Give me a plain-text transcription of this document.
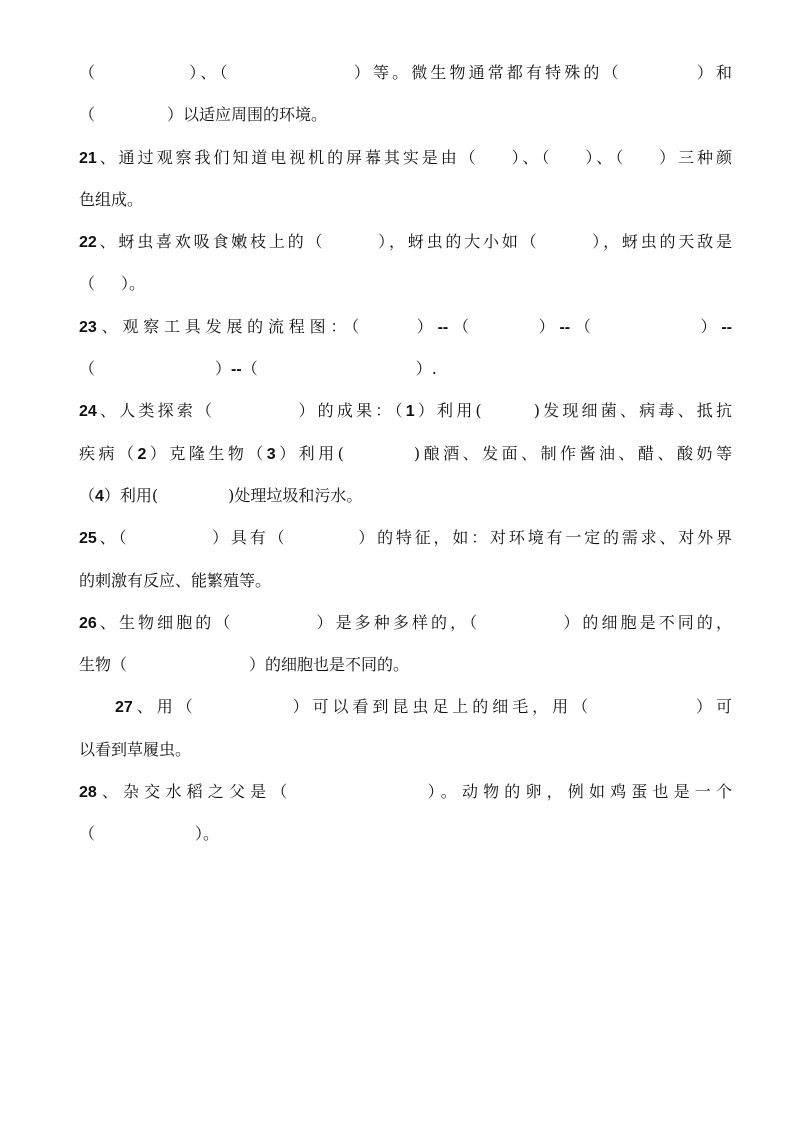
（	）、（	）等。微生物通常都有特殊的（	）和
（	）以适应周围的环境。
21、通过观察我们知道电视机的屏幕其实是由（ ）、（ ）、（ ）三种颜
色组成。
22、蚜虫喜欢吸食嫩枝上的（	），蚜虫的大小如（	），蚜虫的天敌是
（ ）。
23、观察工具发展的流程图：（	）--（	）--（	）--
（	）--（	）.
24、人类探索（	）的成果：（1）利用(	)发现细菌、病毒、抵抗
疾病（2）克隆生物（3）利用(	)酿酒、发面、制作酱油、醋、酸奶等
（4）利用(	)处理垃圾和污水。
25、（	）具有（	）的特征，如：对环境有一定的需求、对外界
的刺激有反应、能繁殖等。
26、生物细胞的（	）是多种多样的，（	）的细胞是不同的，
生物（	）的细胞也是不同的。
27、用（	）可以看到昆虫足上的细毛，用（	）可
以看到草履虫。
28、杂交水稻之父是（	）。动物的卵，例如鸡蛋也是一个
（	）。
